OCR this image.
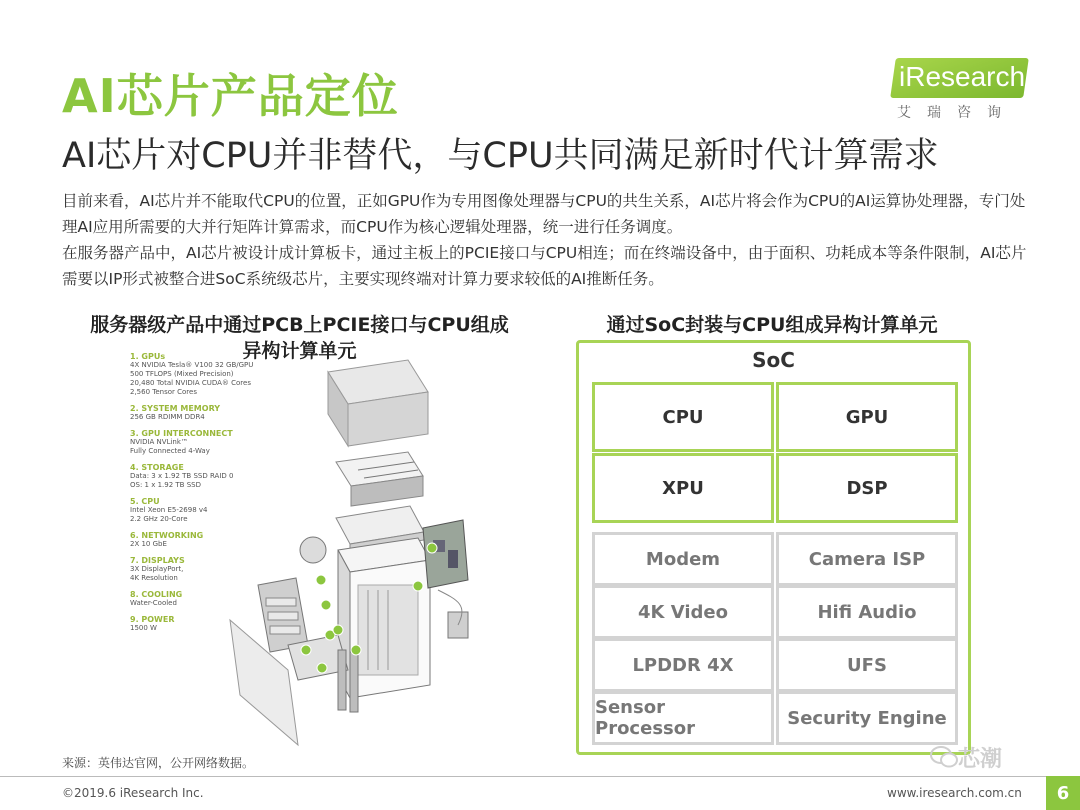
AI芯片产品定位
AI芯片对CPU并非替代，与CPU共同满足新时代计算需求
iResearch
艾瑞咨询
目前来看，AI芯片并不能取代CPU的位置，正如GPU作为专用图像处理器与CPU的共生关系，AI芯片将会作为CPU的AI运算协处理器，专门处理AI应用所需要的大并行矩阵计算需求，而CPU作为核心逻辑处理器，统一进行任务调度。
在服务器产品中，AI芯片被设计成计算板卡，通过主板上的PCIE接口与CPU相连；而在终端设备中，由于面积、功耗成本等条件限制，AI芯片需要以IP形式被整合进SoC系统级芯片，主要实现终端对计算力要求较低的AI推断任务。
服务器级产品中通过PCB上PCIE接口与CPU组成
异构计算单元
1. GPUs
4X NVIDIA Tesla® V100 32 GB/GPU
500 TFLOPS (Mixed Precision)
20,480 Total NVIDIA CUDA® Cores
2,560 Tensor Cores
2. SYSTEM MEMORY
256 GB RDIMM DDR4
3. GPU INTERCONNECT
NVIDIA NVLink™
Fully Connected 4-Way
4. STORAGE
Data: 3 x 1.92 TB SSD RAID 0
OS: 1 x 1.92 TB SSD
5. CPU
Intel Xeon E5-2698 v4
2.2 GHz 20-Core
6. NETWORKING
2X 10 GbE
7. DISPLAYS
3X DisplayPort,
4K Resolution
8. COOLING
Water-Cooled
9. POWER
1500 W
来源：英伟达官网，公开网络数据。
通过SoC封装与CPU组成异构计算单元
SoC
CPU	GPU
XPU	DSP
Modem	Camera ISP
4K Video	Hifi Audio
LPDDR 4X	UFS
Sensor Processor	Security Engine
芯潮
©2019.6 iResearch Inc.	www.iresearch.com.cn	6
